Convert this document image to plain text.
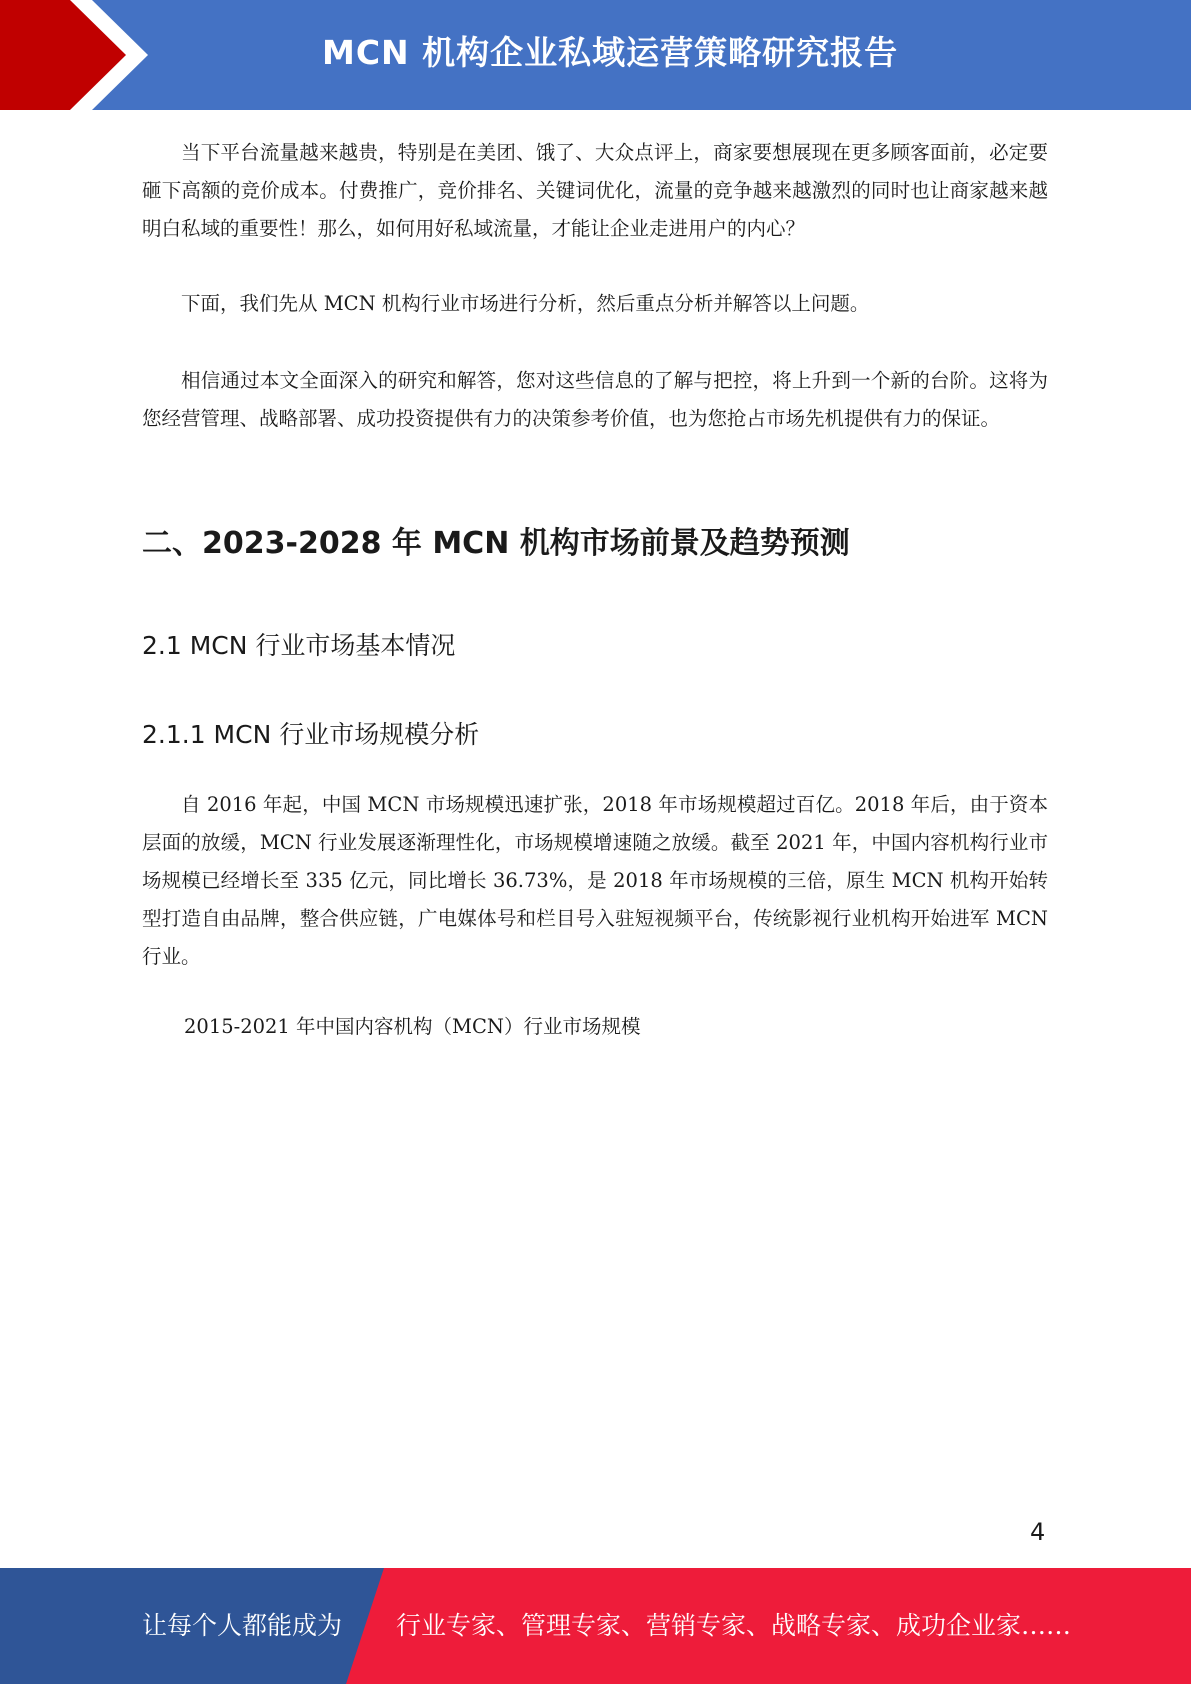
MCN 机构企业私域运营策略研究报告

当下平台流量越来越贵，特别是在美团、饿了、大众点评上，商家要想展现在更多顾客面前，必定要砸下高额的竞价成本。付费推广，竞价排名、关键词优化，流量的竞争越来越激烈的同时也让商家越来越明白私域的重要性！那么，如何用好私域流量，才能让企业走进用户的内心？

下面，我们先从 MCN 机构行业市场进行分析，然后重点分析并解答以上问题。

相信通过本文全面深入的研究和解答，您对这些信息的了解与把控，将上升到一个新的台阶。这将为您经营管理、战略部署、成功投资提供有力的决策参考价值，也为您抢占市场先机提供有力的保证。

二、2023-2028 年 MCN 机构市场前景及趋势预测
2.1 MCN 行业市场基本情况
2.1.1 MCN 行业市场规模分析

自 2016 年起，中国 MCN 市场规模迅速扩张，2018 年市场规模超过百亿。2018 年后，由于资本层面的放缓，MCN 行业发展逐渐理性化，市场规模增速随之放缓。截至 2021 年，中国内容机构行业市场规模已经增长至 335 亿元，同比增长 36.73%，是 2018 年市场规模的三倍，原生 MCN 机构开始转型打造自由品牌，整合供应链，广电媒体号和栏目号入驻短视频平台，传统影视行业机构开始进军 MCN 行业。

2015-2021 年中国内容机构（MCN）行业市场规模
4
让每个人都能成为 行业专家、管理专家、营销专家、战略专家、成功企业家……
